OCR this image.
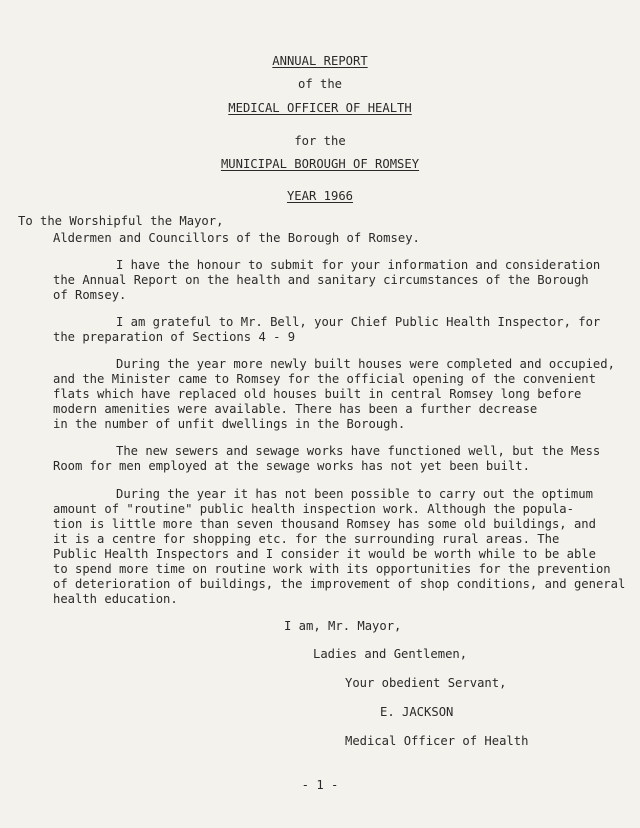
ANNUAL REPORT
of the
MEDICAL OFFICER OF HEALTH
for the
MUNICIPAL BOROUGH OF ROMSEY
YEAR 1966
To the Worshipful the Mayor,
Aldermen and Councillors of the Borough of Romsey.
I have the honour to submit for your information and consideration
the Annual Report on the health and sanitary circumstances of the Borough
of Romsey.
I am grateful to Mr. Bell, your Chief Public Health Inspector, for
the preparation of Sections 4 - 9
During the year more newly built houses were completed and occupied,
and the Minister came to Romsey for the official opening of the convenient
flats which have replaced old houses built in central Romsey long before
modern amenities were available. There has been a further decrease
in the number of unfit dwellings in the Borough.
The new sewers and sewage works have functioned well, but the Mess
Room for men employed at the sewage works has not yet been built.
During the year it has not been possible to carry out the optimum
amount of "routine" public health inspection work. Although the popula-
tion is little more than seven thousand Romsey has some old buildings, and
it is a centre for shopping etc. for the surrounding rural areas. The
Public Health Inspectors and I consider it would be worth while to be able
to spend more time on routine work with its opportunities for the prevention
of deterioration of buildings, the improvement of shop conditions, and general
health education.
I am, Mr. Mayor,
Ladies and Gentlemen,
Your obedient Servant,
E. JACKSON
Medical Officer of Health
- 1 -
